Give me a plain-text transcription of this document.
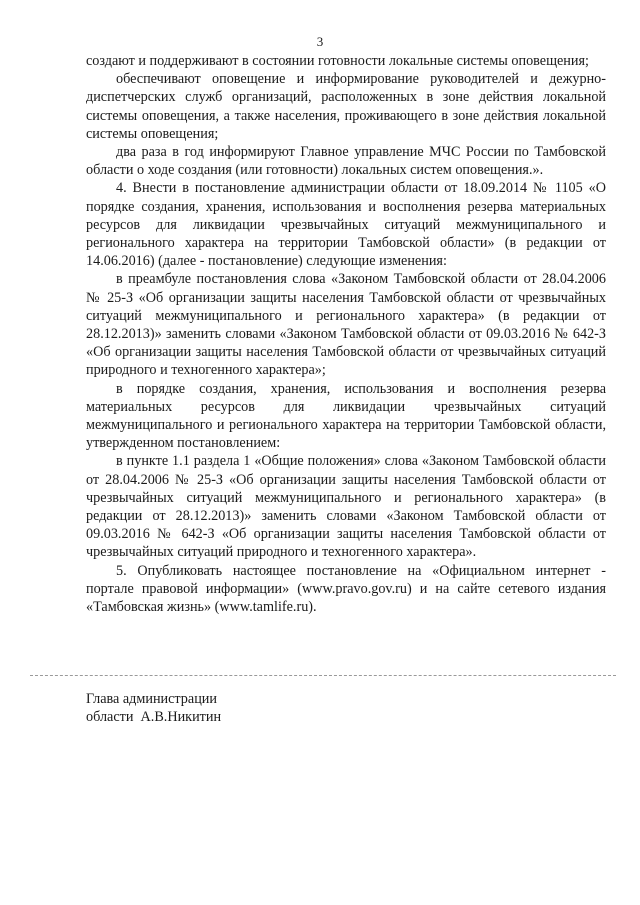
3

создают и поддерживают в состоянии готовности локальные системы оповещения;

обеспечивают оповещение и информирование руководителей и дежурно-диспетчерских служб организаций, расположенных в зоне действия локальной системы оповещения, а также населения, проживающего в зоне действия локальной системы оповещения;

два раза в год информируют Главное управление МЧС России по Тамбовской области о ходе создания (или готовности) локальных систем оповещения.».

4. Внести в постановление администрации области от 18.09.2014 № 1105 «О порядке создания, хранения, использования и восполнения резерва материальных ресурсов для ликвидации чрезвычайных ситуаций межмуниципального и регионального характера на территории Тамбовской области» (в редакции от 14.06.2016) (далее - постановление) следующие изменения:

в преамбуле постановления слова «Законом Тамбовской области от 28.04.2006 № 25-З «Об организации защиты населения Тамбовской области от чрезвычайных ситуаций межмуниципального и регионального характера» (в редакции от 28.12.2013)» заменить словами «Законом Тамбовской области от 09.03.2016 № 642-З «Об организации защиты населения Тамбовской области от чрезвычайных ситуаций природного и техногенного характера»;

в порядке создания, хранения, использования и восполнения резерва материальных ресурсов для ликвидации чрезвычайных ситуаций межмуниципального и регионального характера на территории Тамбовской области, утвержденном постановлением:

в пункте 1.1 раздела 1 «Общие положения» слова «Законом Тамбовской области от 28.04.2006 № 25-З «Об организации защиты населения Тамбовской области от чрезвычайных ситуаций межмуниципального и регионального характера» (в редакции от 28.12.2013)» заменить словами «Законом Тамбовской области от 09.03.2016 № 642-З «Об организации защиты населения Тамбовской области от чрезвычайных ситуаций природного и техногенного характера».

5. Опубликовать настоящее постановление на «Официальном интернет - портале правовой информации» (www.pravo.gov.ru) и на сайте сетевого издания «Тамбовская жизнь» (www.tamlife.ru).

Глава администрации
области А.В.Никитин
